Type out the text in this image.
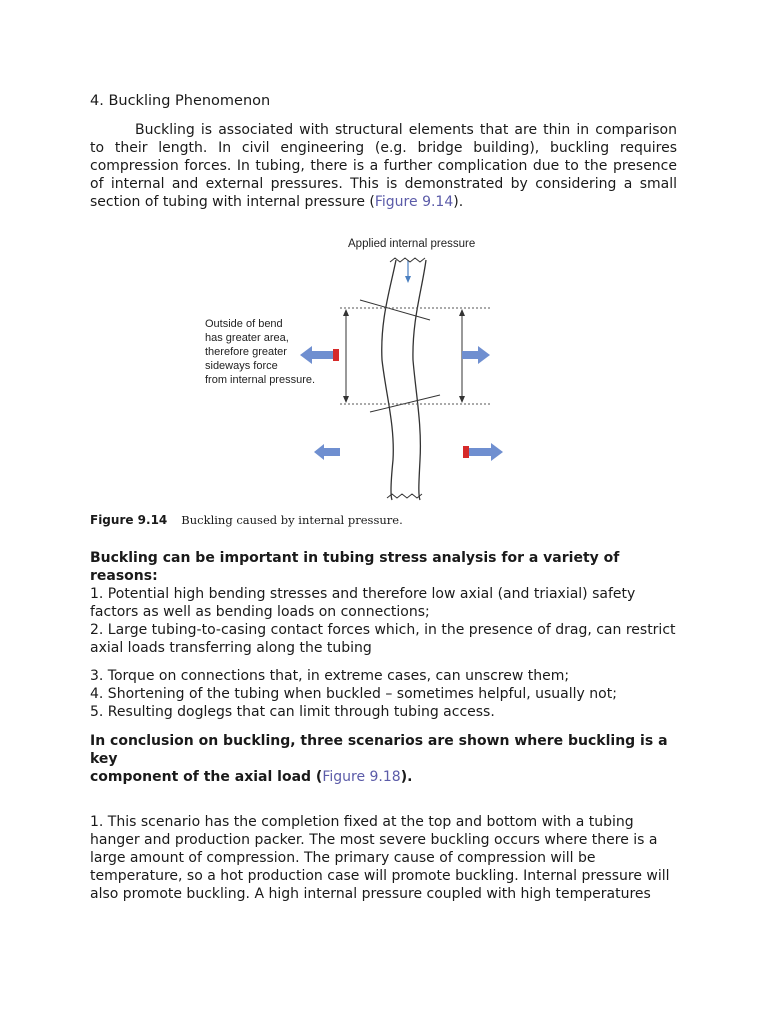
4. Buckling Phenomenon
Buckling is associated with structural elements that are thin in comparison to their length. In civil engineering (e.g. bridge building), buckling requires compression forces. In tubing, there is a further complication due to the presence of internal and external pressures. This is demonstrated by considering a small section of tubing with internal pressure (Figure 9.14).
Applied internal pressure
Outside of bend has greater area, therefore greater sideways force from internal pressure.
Figure 9.14 Buckling caused by internal pressure.
Buckling can be important in tubing stress analysis for a variety of
reasons:
1. Potential high bending stresses and therefore low axial (and triaxial) safety
factors as well as bending loads on connections;
2. Large tubing-to-casing contact forces which, in the presence of drag, can restrict
axial loads transferring along the tubing
3. Torque on connections that, in extreme cases, can unscrew them;
4. Shortening of the tubing when buckled – sometimes helpful, usually not;
5. Resulting doglegs that can limit through tubing access.
In conclusion on buckling, three scenarios are shown where buckling is a
key
component of the axial load (Figure 9.18).
1. This scenario has the completion fixed at the top and bottom with a tubing
hanger and production packer. The most severe buckling occurs where there is a
large amount of compression. The primary cause of compression will be
temperature, so a hot production case will promote buckling. Internal pressure will
also promote buckling. A high internal pressure coupled with high temperatures
